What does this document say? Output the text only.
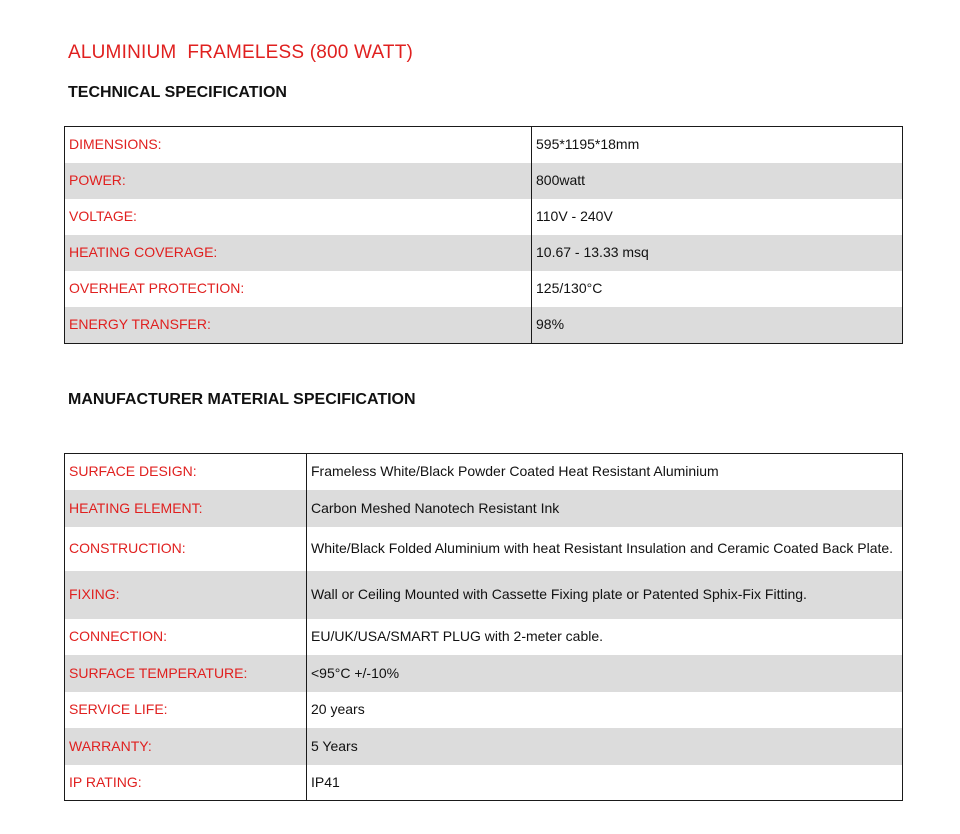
ALUMINIUM  FRAMELESS (800 WATT)
TECHNICAL SPECIFICATION
DIMENSIONS:	595*1195*18mm
POWER:	800watt
VOLTAGE:	110V - 240V
HEATING COVERAGE:	10.67 - 13.33 msq
OVERHEAT PROTECTION:	125/130°C
ENERGY TRANSFER:	98%
MANUFACTURER MATERIAL SPECIFICATION
SURFACE DESIGN:	Frameless White/Black Powder Coated Heat Resistant Aluminium
HEATING ELEMENT:	Carbon Meshed Nanotech Resistant Ink
CONSTRUCTION:	White/Black Folded Aluminium with heat Resistant Insulation and Ceramic Coated Back Plate.
FIXING:	Wall or Ceiling Mounted with Cassette Fixing plate or Patented Sphix-Fix Fitting.
CONNECTION:	EU/UK/USA/SMART PLUG with 2-meter cable.
SURFACE TEMPERATURE:	<95°C +/-10%
SERVICE LIFE:	20 years
WARRANTY:	5 Years
IP RATING:	IP41
